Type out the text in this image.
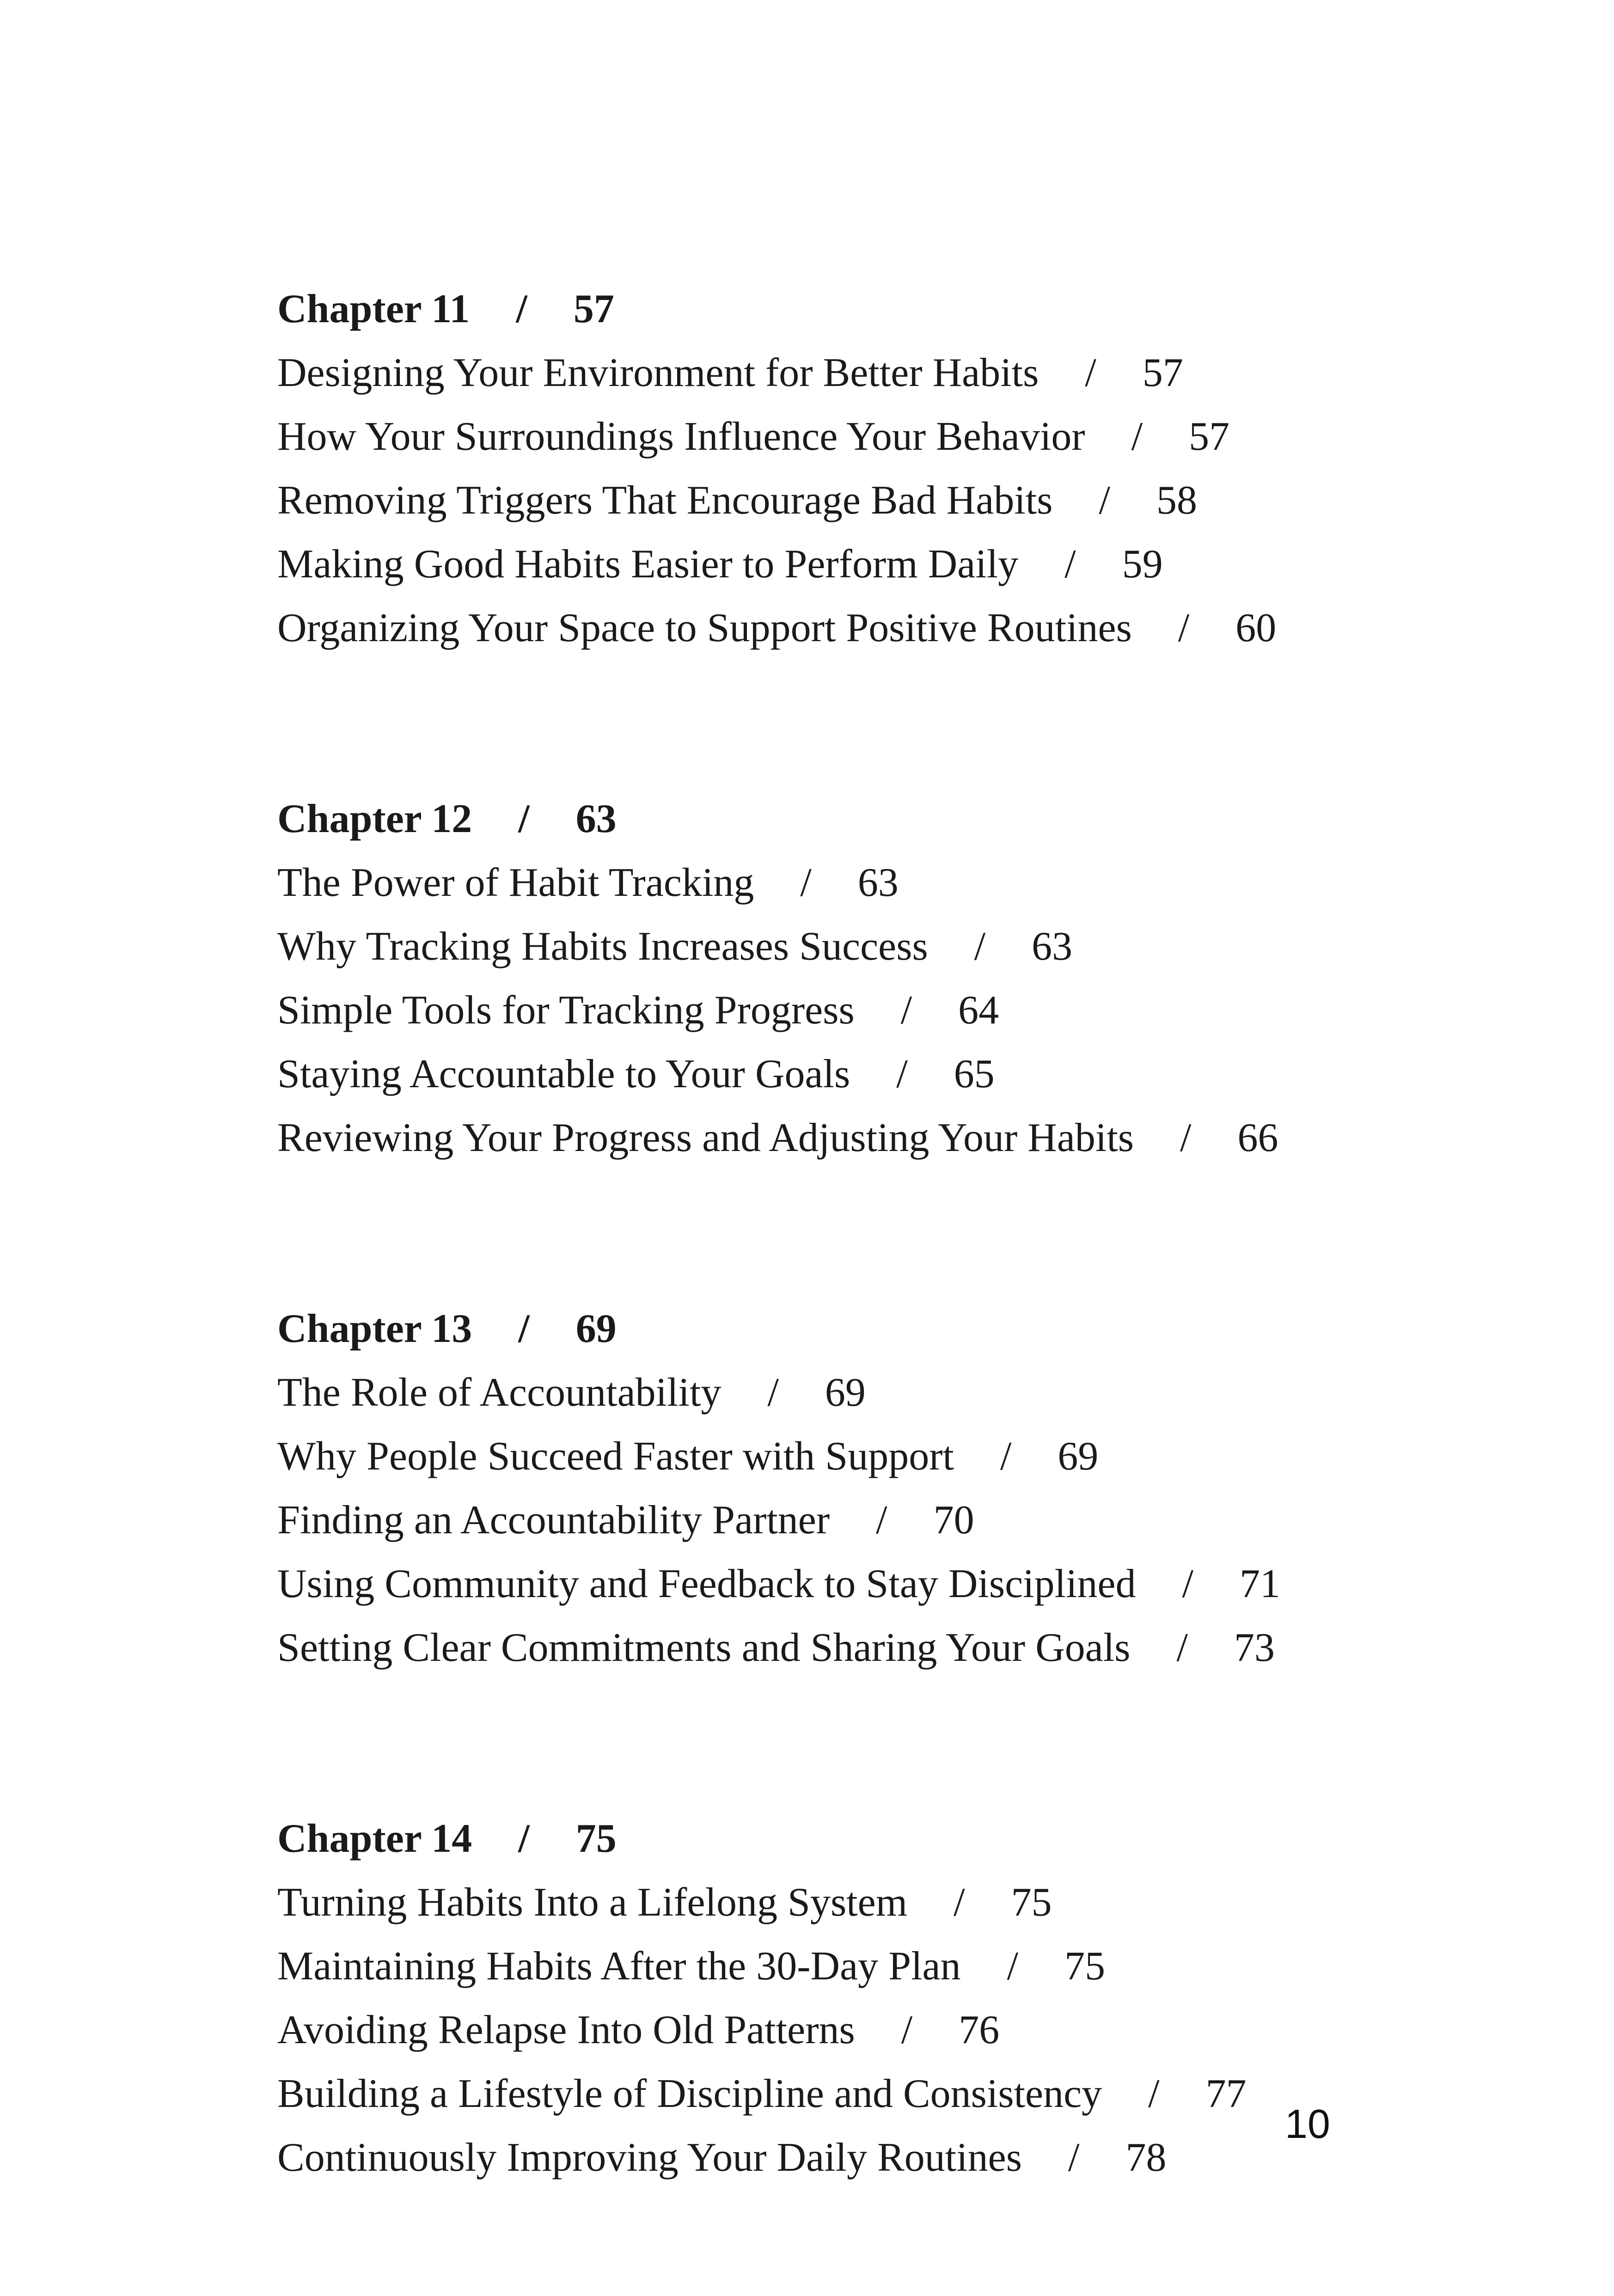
Chapter 11 / 57
Designing Your Environment for Better Habits / 57
How Your Surroundings Influence Your Behavior / 57
Removing Triggers That Encourage Bad Habits / 58
Making Good Habits Easier to Perform Daily / 59
Organizing Your Space to Support Positive Routines / 60
Chapter 12 / 63
The Power of Habit Tracking / 63
Why Tracking Habits Increases Success / 63
Simple Tools for Tracking Progress / 64
Staying Accountable to Your Goals / 65
Reviewing Your Progress and Adjusting Your Habits / 66
Chapter 13 / 69
The Role of Accountability / 69
Why People Succeed Faster with Support / 69
Finding an Accountability Partner / 70
Using Community and Feedback to Stay Disciplined / 71
Setting Clear Commitments and Sharing Your Goals / 73
Chapter 14 / 75
Turning Habits Into a Lifelong System / 75
Maintaining Habits After the 30-Day Plan / 75
Avoiding Relapse Into Old Patterns / 76
Building a Lifestyle of Discipline and Consistency / 77
Continuously Improving Your Daily Routines / 78
10
